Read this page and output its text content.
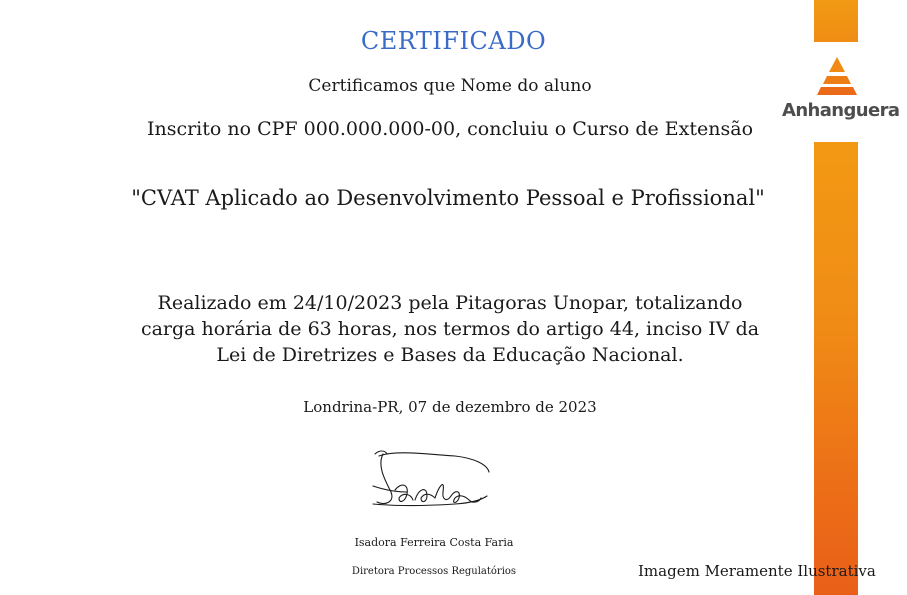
Anhanguera
CERTIFICADO
Certificamos que Nome do aluno
Inscrito no CPF 000.000.000-00, concluiu o Curso de Extensão
"CVAT Aplicado ao Desenvolvimento Pessoal e Profissional"
Realizado em 24/10/2023 pela Pitagoras Unopar, totalizando
carga horária de 63 horas, nos termos do artigo 44, inciso IV da
Lei de Diretrizes e Bases da Educação Nacional.
Londrina-PR, 07 de dezembro de 2023
Isadora Ferreira Costa Faria
Diretora Processos Regulatórios	Imagem Meramente Ilustrativa
